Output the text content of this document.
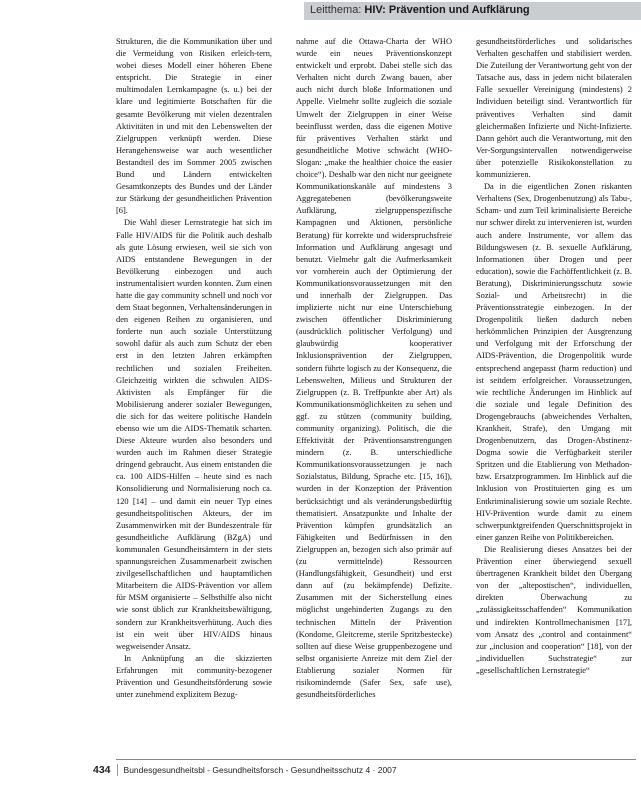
Leitthema: HIV: Prävention und Aufklärung

Strukturen, die die Kommunikation über und die Vermeidung von Risiken erleich-tern, wobei dieses Modell einer höheren Ebene entspricht. Die Strategie in einer multimodalen Lernkampagne (s. u.) bei der klare und legitimierte Botschaften für die gesamte Bevölkerung mit vielen dezentralen Aktivitäten in und mit den Lebenswelten der Zielgruppen verknüpft werden. Diese Herangehensweise war auch wesentlicher Bestandteil des im Sommer 2005 zwischen Bund und Ländern entwickelten Gesamtkonzepts des Bundes und der Länder zur Stärkung der gesundheitlichen Prävention [6].

Die Wahl dieser Lernstrategie hat sich im Falle HIV/AIDS für die Politik auch deshalb als gute Lösung erwiesen, weil sie sich von AIDS entstandene Bewegungen in der Bevölkerung einbezogen und auch instrumentalisiert wurden konnten. Zum einen hatte die gay community schnell und noch vor dem Staat begonnen, Verhaltensänderungen in den eigenen Reihen zu organisieren, und forderte nun auch soziale Unterstützung sowohl dafür als auch zum Schutz der eben erst in den letzten Jahren erkämpften rechtlichen und sozialen Freiheiten. Gleichzeitig wirkten die schwulen AIDS-Aktivisten als Empfänger für die Mobilisierung anderer sozialer Bewegungen, die sich for das weitere politische Handeln ebenso wie um die AIDS-Thematik scharten. Diese Akteure wurden also besonders und wurden auch im Rahmen dieser Strategie dringend gebraucht. Aus einem entstanden die ca. 100 AIDS-Hilfen – heute sind es nach Konsolidierung und Normalisierung noch ca. 120 [14] – und damit ein neuer Typ eines gesundheitspolitischen Akteurs, der im Zusammenwirken mit der Bundeszentrale für gesundheitliche Aufklärung (BZgA) und kommunalen Gesundheitsämtern in der stets spannungsreichen Zusammenarbeit zwischen zivilgesellschaftlichen und hauptamtlichen Mitarbeitern die AIDS-Prävention vor allem für MSM organisierte – Selbsthilfe also nicht wie sonst üblich zur Krankheitsbewältigung, sondern zur Krankheitsverhütung. Auch dies ist ein weit über HIV/AIDS hinaus wegweisender Ansatz.

In Anknüpfung an die skizzierten Erfahrungen mit community-bezogener Prävention und Gesundheitsförderung sowie unter zunehmend explizitem Bezug-

nahme auf die Ottawa-Charta der WHO wurde ein neues Präventionskonzept entwickelt und erprobt. Dabei stelle sich das Verhalten nicht durch Zwang bauen, aber auch nicht durch bloße Informationen und Appelle. Vielmehr sollte zugleich die soziale Umwelt der Zielgruppen in einer Weise beeinflusst werden, dass die eigenen Motive für präventives Verhalten stärkt und gesundheitliche Motive schwächt (WHO-Slogan: „make the healthier choice the easier choice“). Deshalb war den nicht nur geeignete Kommunikationskanäle auf mindestens 3 Aggregatebenen (bevölkerungsweite Aufklärung, zielgruppenspezifische Kampagnen und Aktionen, persönliche Beratung) für korrekte und widerspruchsfreie Information und Aufklärung angesagt und benutzt. Vielmehr galt die Aufmerksamkeit vor vornherein auch der Optimierung der Kommunikationsvoraussetzungen mit den und innerhalb der Zielgruppen. Das implizierte nicht nur eine Unterschiebung zwischen öffentlicher Diskriminierung (ausdrücklich politischer Verfolgung) und glaubwürdig kooperativer Inklusionsprävention der Zielgruppen, sondern führte logisch zu der Konsequenz, die Lebenswelten, Milieus und Strukturen der Zielgruppen (z. B. Treffpunkte aber Art) als Kommunikationsmöglichkeiten zu sehen und ggf. zu stützen (community building, community organizing). Politisch, die die Effektivität der Präventionsanstrengungen mindern (z. B. unterschiedliche Kommunikationsvoraussetzungen je nach Sozialstatus, Bildung, Sprache etc. [15, 16]), wurden in der Konzeption der Prävention berücksichtigt und als veränderungsbedürftig thematisiert. Ansatzpunkte und Inhalte der Prävention kümpfen grundsätzlich an Fähigkeiten und Bedürfnissen in den Zielgruppen an, bezogen sich also primär auf (zu vermittelnde) Ressourcen (Handlungsfähigkeit, Gesundheit) und erst dann auf (zu bekämpfende) Defizite. Zusammen mit der Sicherstellung eines möglichst ungehinderten Zugangs zu den technischen Mitteln der Prävention (Kondome, Gleitcreme, sterile Spritzbestecke) sollten auf diese Weise gruppenbezogene und selbst organisierte Anreize mit dem Ziel der Etablierung sozialer Normen für risikomindernde (Safer Sex, safe use), gesundheitsförderliches

gesundheitsförderliches und solidarisches Verhalten geschaffen und stabilisiert werden. Die Zuteilung der Verantwortung geht von der Tatsache aus, dass in jedem nicht bilateralen Falle sexueller Vereinigung (mindestens) 2 Individuen beteiligt sind. Verantwortlich für präventives Verhalten sind damit gleichermaßen Infizierte und Nicht-Infizierte. Dann gehört auch die Verantwortung, mit den Ver-Sorgungsintervallen notwendigerweise über potenzielle Risikokonstellation zu kommunizieren.

Da in die eigentlichen Zonen riskanten Verhaltens (Sex, Drogenbenutzung) als Tabu-, Scham- und zum Teil kriminalisierte Bereiche nur schwer direkt zu intervenieren ist, wurden auch andere Instrumente, vor allem das Bildungswesen (z. B. sexuelle Aufklärung, Informationen über Drogen und peer education), sowie die Fachöffentlichkeit (z. B. Beratung), Diskriminierungsschutz sowie Sozial- und Arbeitsrecht) in die Präventionsstrategie einbezogen. In der Drogenpolitik ließen dadurch neben herkömmlichen Prinzipien der Ausgrenzung und Verfolgung mit der Erforschung der AIDS-Prävention, die Drogenpolitik wurde entsprechend angepasst (harm reduction) und ist seitdem erfolgreicher. Voraussetzungen, wie rechtliche Änderungen im Hinblick auf die soziale und legale Definition des Drogengebrauchs (abweichendes Verhalten, Krankheit, Strafe), den Umgang mit Drogenbenutzern, das Drogen-Abstinenz-Dogma sowie die Verfügbarkeit steriler Spritzen und die Etablierung von Methadon- bzw. Ersatzprogrammen. Im Hinblick auf die Inklusion von Prostituierten ging es um Entkriminalisierung sowie um soziale Rechte. HIV-Prävention wurde damit zu einem schwerpunktgreifenden Querschnittsprojekt in einer ganzen Reihe von Politikbereichen.

Die Realisierung dieses Ansatzes bei der Prävention einer überwiegend sexuell übertragenen Krankheit bildet den Übergang von der „altepostischen“, individuellen, direkten Überwachung zu „zulässigkeitsschaffenden“ Kommunikation und indirekten Kontrollmechanismen [17], vom Ansatz des „control and containment“ zur „inclusion and cooperation“ [18], von der „individuellen Suchstrategie“ zur „gesellschaftlichen Lernstrategie“

434 Bundesgesundheitsbl - Gesundheitsforsch - Gesundheitsschutz 4 · 2007
